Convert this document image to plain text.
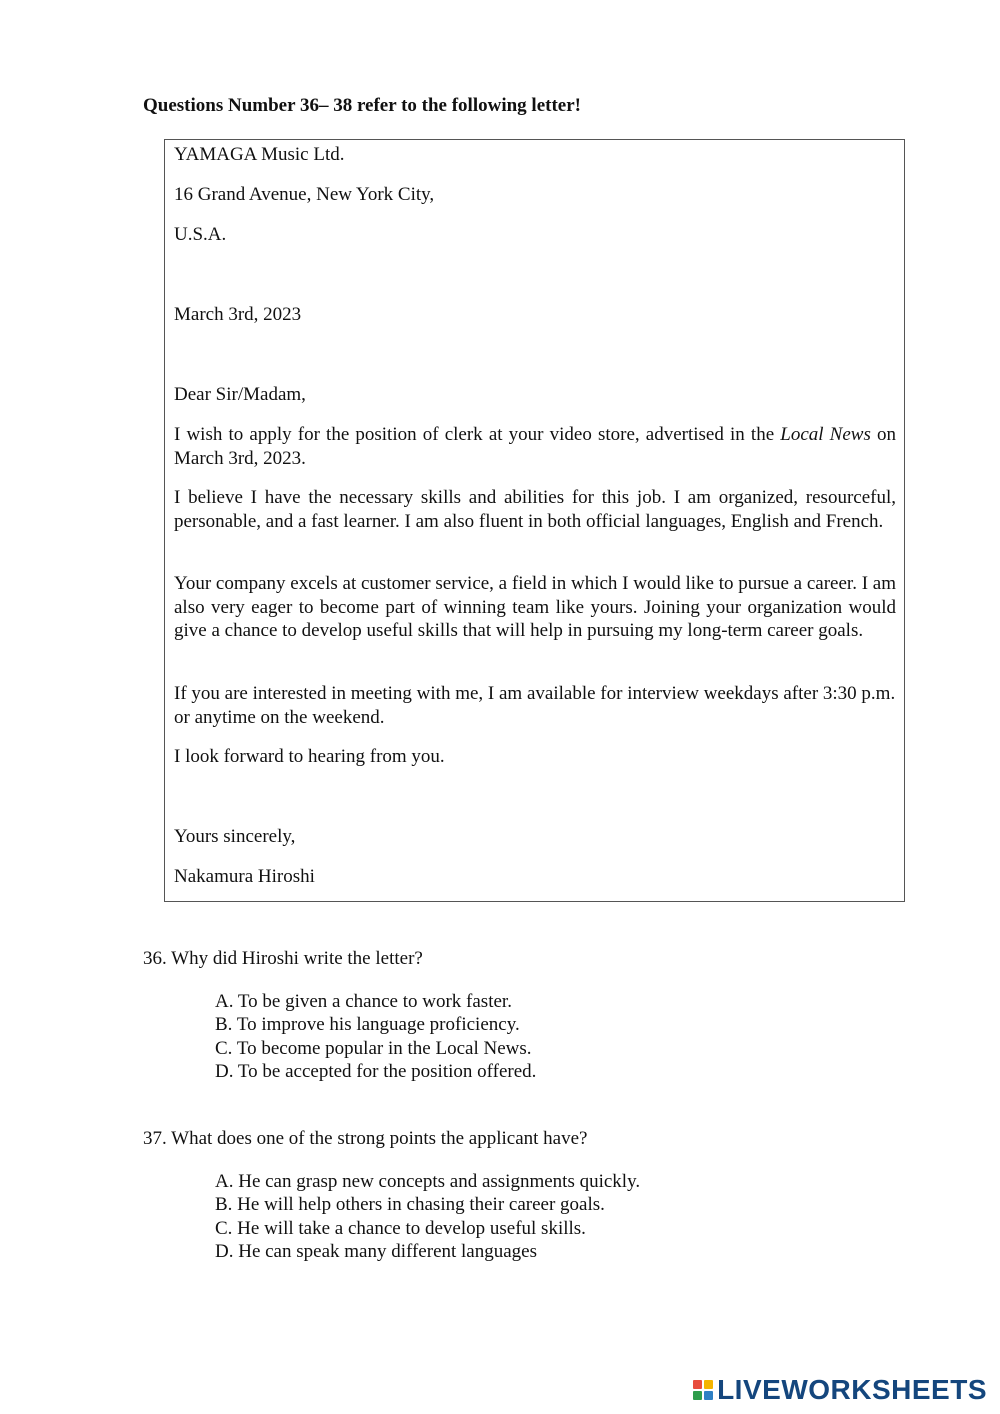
Questions Number 36– 38 refer to the following letter!

YAMAGA Music Ltd.

16 Grand Avenue, New York City,

U.S.A.

March 3rd, 2023

Dear Sir/Madam,

I wish to apply for the position of clerk at your video store, advertised in the Local News on March 3rd, 2023.

I believe I have the necessary skills and abilities for this job. I am organized, resourceful, personable, and a fast learner. I am also fluent in both official languages, English and French.

Your company excels at customer service, a field in which I would like to pursue a career. I am also very eager to become part of winning team like yours. Joining your organization would give a chance to develop useful skills that will help in pursuing my long-term career goals.

If you are interested in meeting with me, I am available for interview weekdays after 3:30 p.m. or anytime on the weekend.

I look forward to hearing from you.

Yours sincerely,

Nakamura Hiroshi

36. Why did Hiroshi write the letter?

A. To be given a chance to work faster.
B. To improve his language proficiency.
C. To become popular in the Local News.
D. To be accepted for the position offered.

37. What does one of the strong points the applicant have?

A. He can grasp new concepts and assignments quickly.
B. He will help others in chasing their career goals.
C. He will take a chance to develop useful skills.
D. He can speak many different languages
LIVEWORKSHEETS
